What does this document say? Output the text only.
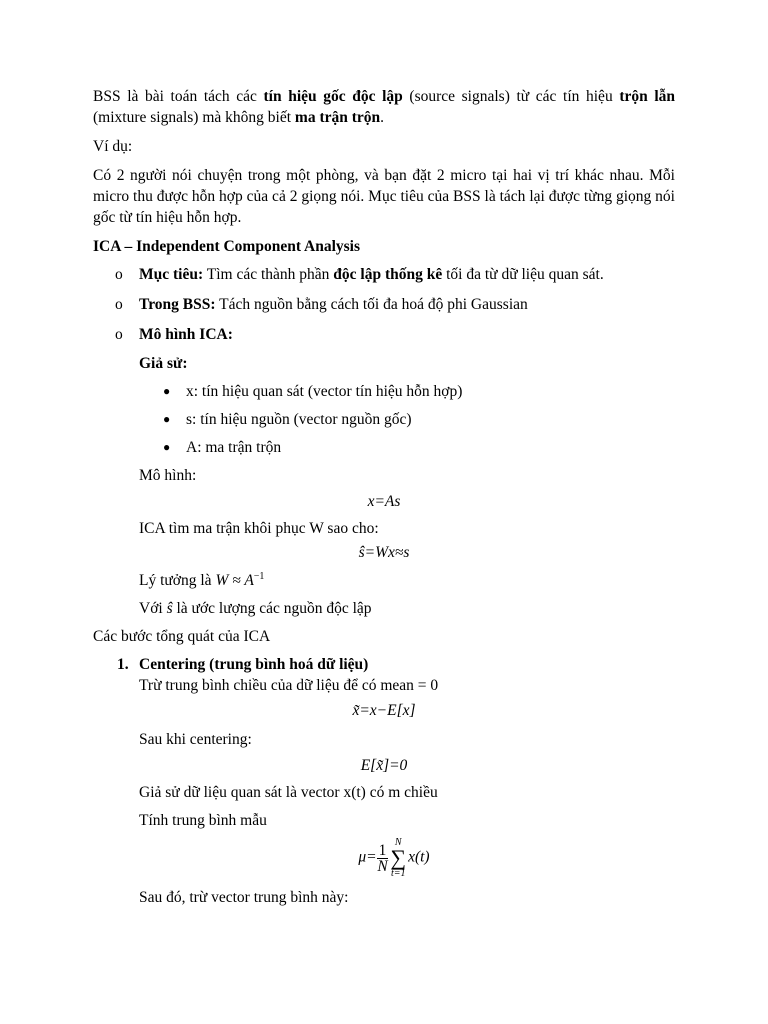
BSS là bài toán tách các tín hiệu gốc độc lập (source signals) từ các tín hiệu trộn lẫn (mixture signals) mà không biết ma trận trộn.

Ví dụ:

Có 2 người nói chuyện trong một phòng, và bạn đặt 2 micro tại hai vị trí khác nhau. Mỗi micro thu được hỗn hợp của cả 2 giọng nói. Mục tiêu của BSS là tách lại được từng giọng nói gốc từ tín hiệu hỗn hợp.

ICA – Independent Component Analysis

o Mục tiêu: Tìm các thành phần độc lập thống kê tối đa từ dữ liệu quan sát.
o Trong BSS: Tách nguồn bằng cách tối đa hoá độ phi Gaussian
o Mô hình ICA:

Giả sử:

● x: tín hiệu quan sát (vector tín hiệu hỗn hợp)
● s: tín hiệu nguồn (vector nguồn gốc)
● A: ma trận trộn

Mô hình:

x=As

ICA tìm ma trận khôi phục W sao cho:

ŝ=Wx≈s

Lý tưởng là $W \approx A^{-1}$

Với ŝ là ước lượng các nguồn độc lập

Các bước tổng quát của ICA

1. Centering (trung bình hoá dữ liệu)

Trừ trung bình chiều của dữ liệu để có mean = 0

x̃=x−E[x]

Sau khi centering:

E[x̃]=0

Giả sử dữ liệu quan sát là vector x(t) có m chiều

Tính trung bình mẫu

$\mu= \frac{1}{N}$ N
∑
t=1
x(t)

Sau đó, trừ vector trung bình này:
